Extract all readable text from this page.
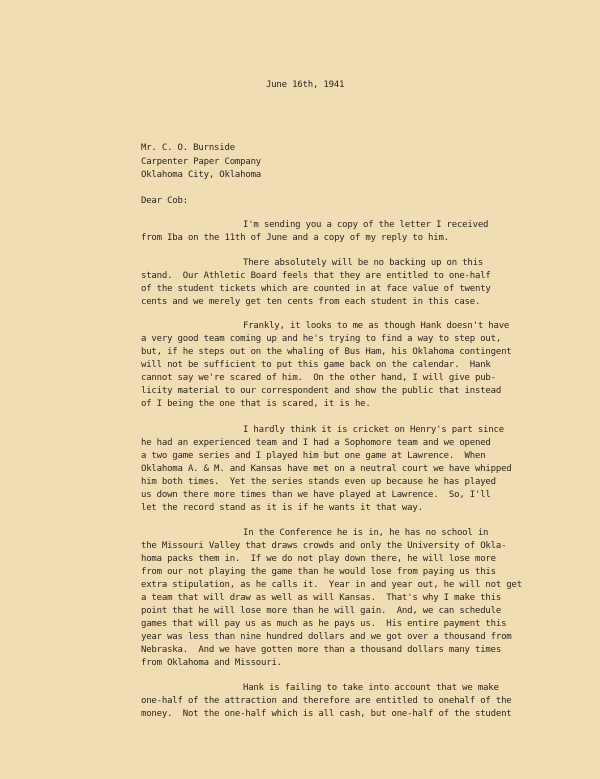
June 16th, 1941
Mr. C. O. Burnside
Carpenter Paper Company
Oklahoma City, Oklahoma
Dear Cob:
I'm sending you a copy of the letter I received
from Iba on the 11th of June and a copy of my reply to him.
There absolutely will be no backing up on this
stand.  Our Athletic Board feels that they are entitled to one-half
of the student tickets which are counted in at face value of twenty
cents and we merely get ten cents from each student in this case.
Frankly, it looks to me as though Hank doesn't have
a very good team coming up and he's trying to find a way to step out,
but, if he steps out on the whaling of Bus Ham, his Oklahoma contingent
will not be sufficient to put this game back on the calendar.  Hank
cannot say we're scared of him.  On the other hand, I will give pub-
licity material to our correspondent and show the public that instead
of I being the one that is scared, it is he.
I hardly think it is cricket on Henry's part since
he had an experienced team and I had a Sophomore team and we opened
a two game series and I played him but one game at Lawrence.  When
Oklahoma A. & M. and Kansas have met on a neutral court we have whipped
him both times.  Yet the series stands even up because he has played
us down there more times than we have played at Lawrence.  So, I'll
let the record stand as it is if he wants it that way.
In the Conference he is in, he has no school in
the Missouri Valley that draws crowds and only the University of Okla-
homa packs them in.  If we do not play down there, he will lose more
from our not playing the game than he would lose from paying us this
extra stipulation, as he calls it.  Year in and year out, he will not get
a team that will draw as well as will Kansas.  That's why I make this
point that he will lose more than he will gain.  And, we can schedule
games that will pay us as much as he pays us.  His entire payment this
year was less than nine hundred dollars and we got over a thousand from
Nebraska.  And we have gotten more than a thousand dollars many times
from Oklahoma and Missouri.
Hank is failing to take into account that we make
one-half of the attraction and therefore are entitled to onehalf of the
money.  Not the one-half which is all cash, but one-half of the student
